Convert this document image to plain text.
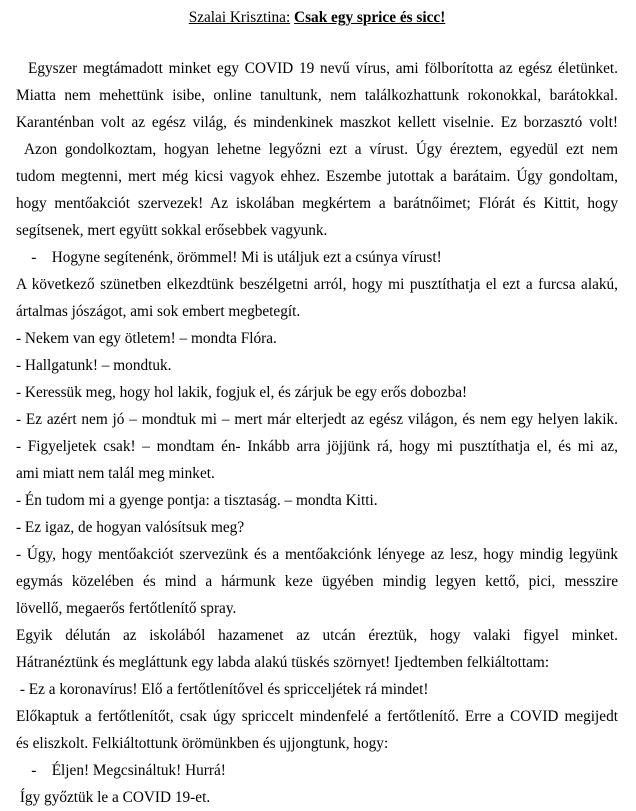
Szalai Krisztina: Csak egy sprice és sicc!
Egyszer megtámadott minket egy COVID 19 nevű vírus, ami fölborította az egész életünket.
Miatta nem mehettünk isibe, online tanultunk, nem találkozhattunk rokonokkal, barátokkal.
Karanténban volt az egész világ, és mindenkinek maszkot kellett viselnie. Ez borzasztó volt!
Azon gondolkoztam, hogyan lehetne legyőzni ezt a vírust. Úgy éreztem, egyedül ezt nem
tudom megtenni, mert még kicsi vagyok ehhez. Eszembe jutottak a barátaim. Úgy gondoltam,
hogy mentőakciót szervezek! Az iskolában megkértem a barátnőimet; Flórát és Kittit, hogy
segítsenek, mert együtt sokkal erősebbek vagyunk.
-    Hogyne segítenénk, örömmel! Mi is utáljuk ezt a csúnya vírust!
A következő szünetben elkezdtünk beszélgetni arról, hogy mi pusztíthatja el ezt a furcsa alakú,
ártalmas jószágot, ami sok embert megbetegít.
- Nekem van egy ötletem! – mondta Flóra.
- Hallgatunk! – mondtuk.
- Keressük meg, hogy hol lakik, fogjuk el, és zárjuk be egy erős dobozba!
- Ez azért nem jó – mondtuk mi – mert már elterjedt az egész világon, és nem egy helyen lakik.
- Figyeljetek csak! – mondtam én- Inkább arra jöjjünk rá, hogy mi pusztíthatja el, és mi az,
ami miatt nem talál meg minket.
- Én tudom mi a gyenge pontja: a tisztaság. – mondta Kitti.
- Ez igaz, de hogyan valósítsuk meg?
- Úgy, hogy mentőakciót szervezünk és a mentőakciónk lényege az lesz, hogy mindig legyünk
egymás közelében és mind a hármunk keze ügyében mindig legyen kettő, pici, messzire
lövellő, megaerős fertőtlenítő spray.
Egyik délután az iskolából hazamenet az utcán éreztük, hogy valaki figyel minket.
Hátranéztünk és megláttunk egy labda alakú tüskés szörnyet! Ijedtemben felkiáltottam:
- Ez a koronavírus! Elő a fertőtlenítővel és spricceljétek rá mindet!
Előkaptuk a fertőtlenítőt, csak úgy spriccelt mindenfelé a fertőtlenítő. Erre a COVID megijedt
és eliszkolt. Felkiáltottunk örömünkben és ujjongtunk, hogy:
-    Éljen! Megcsináltuk! Hurrá!
Így győztük le a COVID 19-et.
